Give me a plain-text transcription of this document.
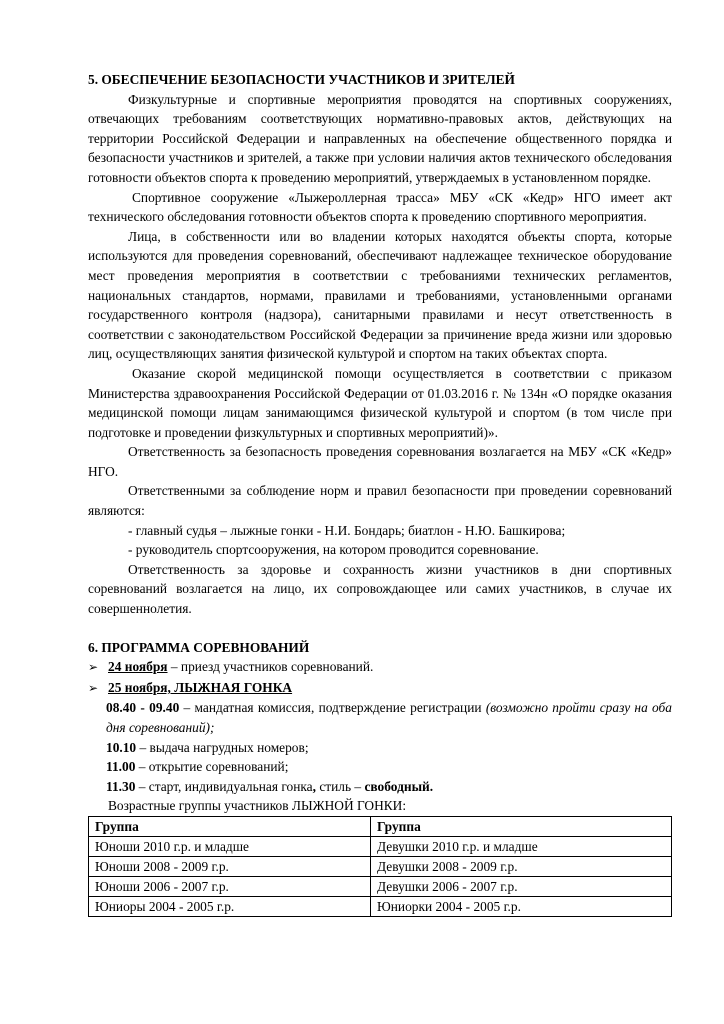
5. ОБЕСПЕЧЕНИЕ БЕЗОПАСНОСТИ УЧАСТНИКОВ И ЗРИТЕЛЕЙ

Физкультурные и спортивные мероприятия проводятся на спортивных сооружениях, отвечающих требованиям соответствующих нормативно-правовых актов, действующих на территории Российской Федерации и направленных на обеспечение общественного порядка и безопасности участников и зрителей, а также при условии наличия актов технического обследования готовности объектов спорта к проведению мероприятий, утверждаемых в установленном порядке.

Спортивное сооружение «Лыжероллерная трасса» МБУ «СК «Кедр» НГО имеет акт технического обследования готовности объектов спорта к проведению спортивного мероприятия.

Лица, в собственности или во владении которых находятся объекты спорта, которые используются для проведения соревнований, обеспечивают надлежащее техническое оборудование мест проведения мероприятия в соответствии с требованиями технических регламентов, национальных стандартов, нормами, правилами и требованиями, установленными органами государственного контроля (надзора), санитарными правилами и несут ответственность в соответствии с законодательством Российской Федерации за причинение вреда жизни или здоровью лиц, осуществляющих занятия физической культурой и спортом на таких объектах спорта.

Оказание скорой медицинской помощи осуществляется в соответствии с приказом Министерства здравоохранения Российской Федерации от 01.03.2016 г. № 134н «О порядке оказания медицинской помощи лицам занимающимся физической культурой и спортом (в том числе при подготовке и проведении физкультурных и спортивных мероприятий)».

Ответственность за безопасность проведения соревнования возлагается на МБУ «СК «Кедр» НГО.

Ответственными за соблюдение норм и правил безопасности при проведении соревнований являются:

- главный судья – лыжные гонки - Н.И. Бондарь; биатлон - Н.Ю. Башкирова;

- руководитель спортсооружения, на котором проводится соревнование.

Ответственность за здоровье и сохранность жизни участников в дни спортивных соревнований возлагается на лицо, их сопровождающее или самих участников, в случае их совершеннолетия.

6. ПРОГРАММА СОРЕВНОВАНИЙ
➢ 24 ноября – приезд участников соревнований.
➢ 25 ноября, ЛЫЖНАЯ ГОНКА

08.40 - 09.40 – мандатная комиссия, подтверждение регистрации (возможно пройти сразу на оба дня соревнований);

10.10 – выдача нагрудных номеров;

11.00 – открытие соревнований;

11.30 – старт, индивидуальная гонка, стиль – свободный.

Возрастные группы участников ЛЫЖНОЙ ГОНКИ:

Группа	Группа
Юноши 2010 г.р. и младше	Девушки 2010 г.р. и младше
Юноши 2008 - 2009 г.р.	Девушки 2008 - 2009 г.р.
Юноши 2006 - 2007 г.р.	Девушки 2006 - 2007 г.р.
Юниоры 2004 - 2005 г.р.	Юниорки 2004 - 2005 г.р.
